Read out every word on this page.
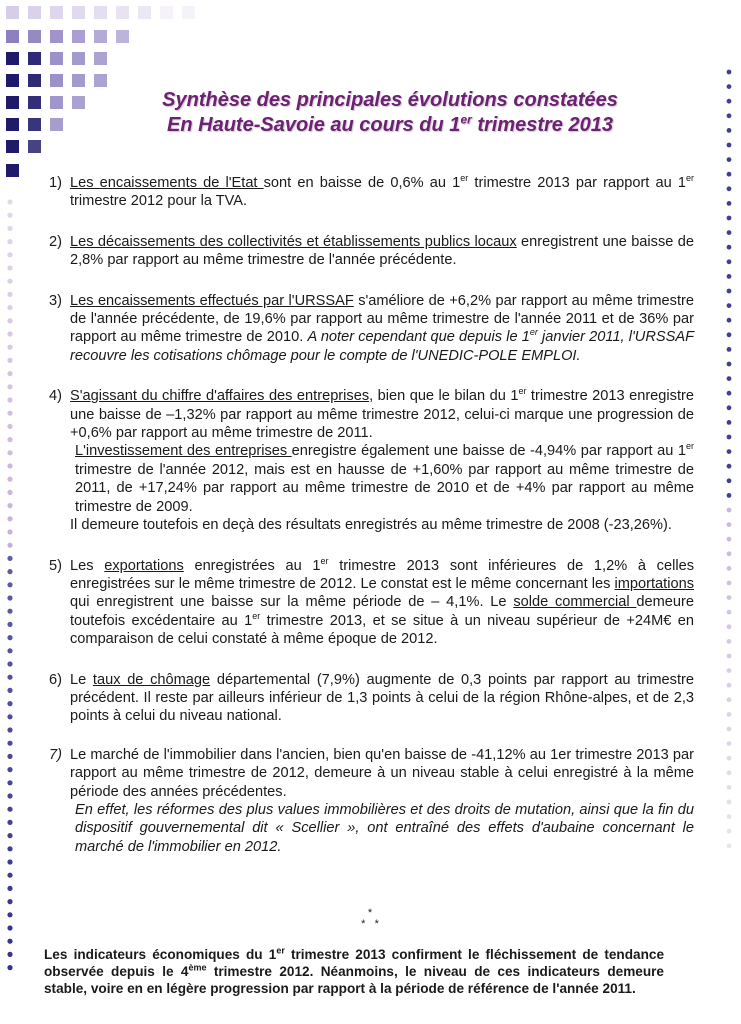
Synthèse des principales évolutions constatées
En Haute-Savoie au cours du 1er trimestre 2013
1) Les encaissements de l'Etat sont en baisse de 0,6% au 1er trimestre 2013 par rapport au 1er trimestre 2012 pour la TVA.
2) Les décaissements des collectivités et établissements publics locaux enregistrent une baisse de 2,8% par rapport au même trimestre de l'année précédente.
3) Les encaissements effectués par l'URSSAF s'améliore de +6,2% par rapport au même trimestre de l'année précédente, de 19,6% par rapport au même trimestre de l'année 2011 et de 36% par rapport au même trimestre de 2010. A noter cependant que depuis le 1er janvier 2011, l'URSSAF recouvre les cotisations chômage pour le compte de l'UNEDIC-POLE EMPLOI.
4) S'agissant du chiffre d'affaires des entreprises, bien que le bilan du 1er trimestre 2013 enregistre une baisse de –1,32% par rapport au même trimestre 2012, celui-ci marque une progression de +0,6% par rapport au même trimestre de 2011.
L'investissement des entreprises enregistre également une baisse de -4,94% par rapport au 1er trimestre de l'année 2012, mais est en hausse de +1,60% par rapport au même trimestre de 2011, de +17,24% par rapport au même trimestre de 2010 et de +4% par rapport au même trimestre de 2009.
Il demeure toutefois en deçà des résultats enregistrés au même trimestre de 2008 (-23,26%).
5) Les exportations enregistrées au 1er trimestre 2013 sont inférieures de 1,2% à celles enregistrées sur le même trimestre de 2012. Le constat est le même concernant les importations qui enregistrent une baisse sur la même période de – 4,1%. Le solde commercial demeure toutefois excédentaire au 1er trimestre 2013, et se situe à un niveau supérieur de +24M€ en comparaison de celui constaté à même époque de 2012.
6) Le taux de chômage départemental (7,9%) augmente de 0,3 points par rapport au trimestre précédent. Il reste par ailleurs inférieur de 1,3 points à celui de la région Rhône-alpes, et de 2,3 points à celui du niveau national.
7) Le marché de l'immobilier dans l'ancien, bien qu'en baisse de -41,12% au 1er trimestre 2013 par rapport au même trimestre de 2012, demeure à un niveau stable à celui enregistré à la même période des années précédentes.
En effet, les réformes des plus values immobilières et des droits de mutation, ainsi que la fin du dispositif gouvernemental dit « Scellier », ont entraîné des effets d'aubaine concernant le marché de l'immobilier en 2012.
*
*   *
Les indicateurs économiques du 1er trimestre 2013 confirment le fléchissement de tendance observée depuis le 4ème trimestre 2012. Néanmoins, le niveau de ces indicateurs demeure stable, voire en en légère progression par rapport à la période de référence de l'année 2011.
